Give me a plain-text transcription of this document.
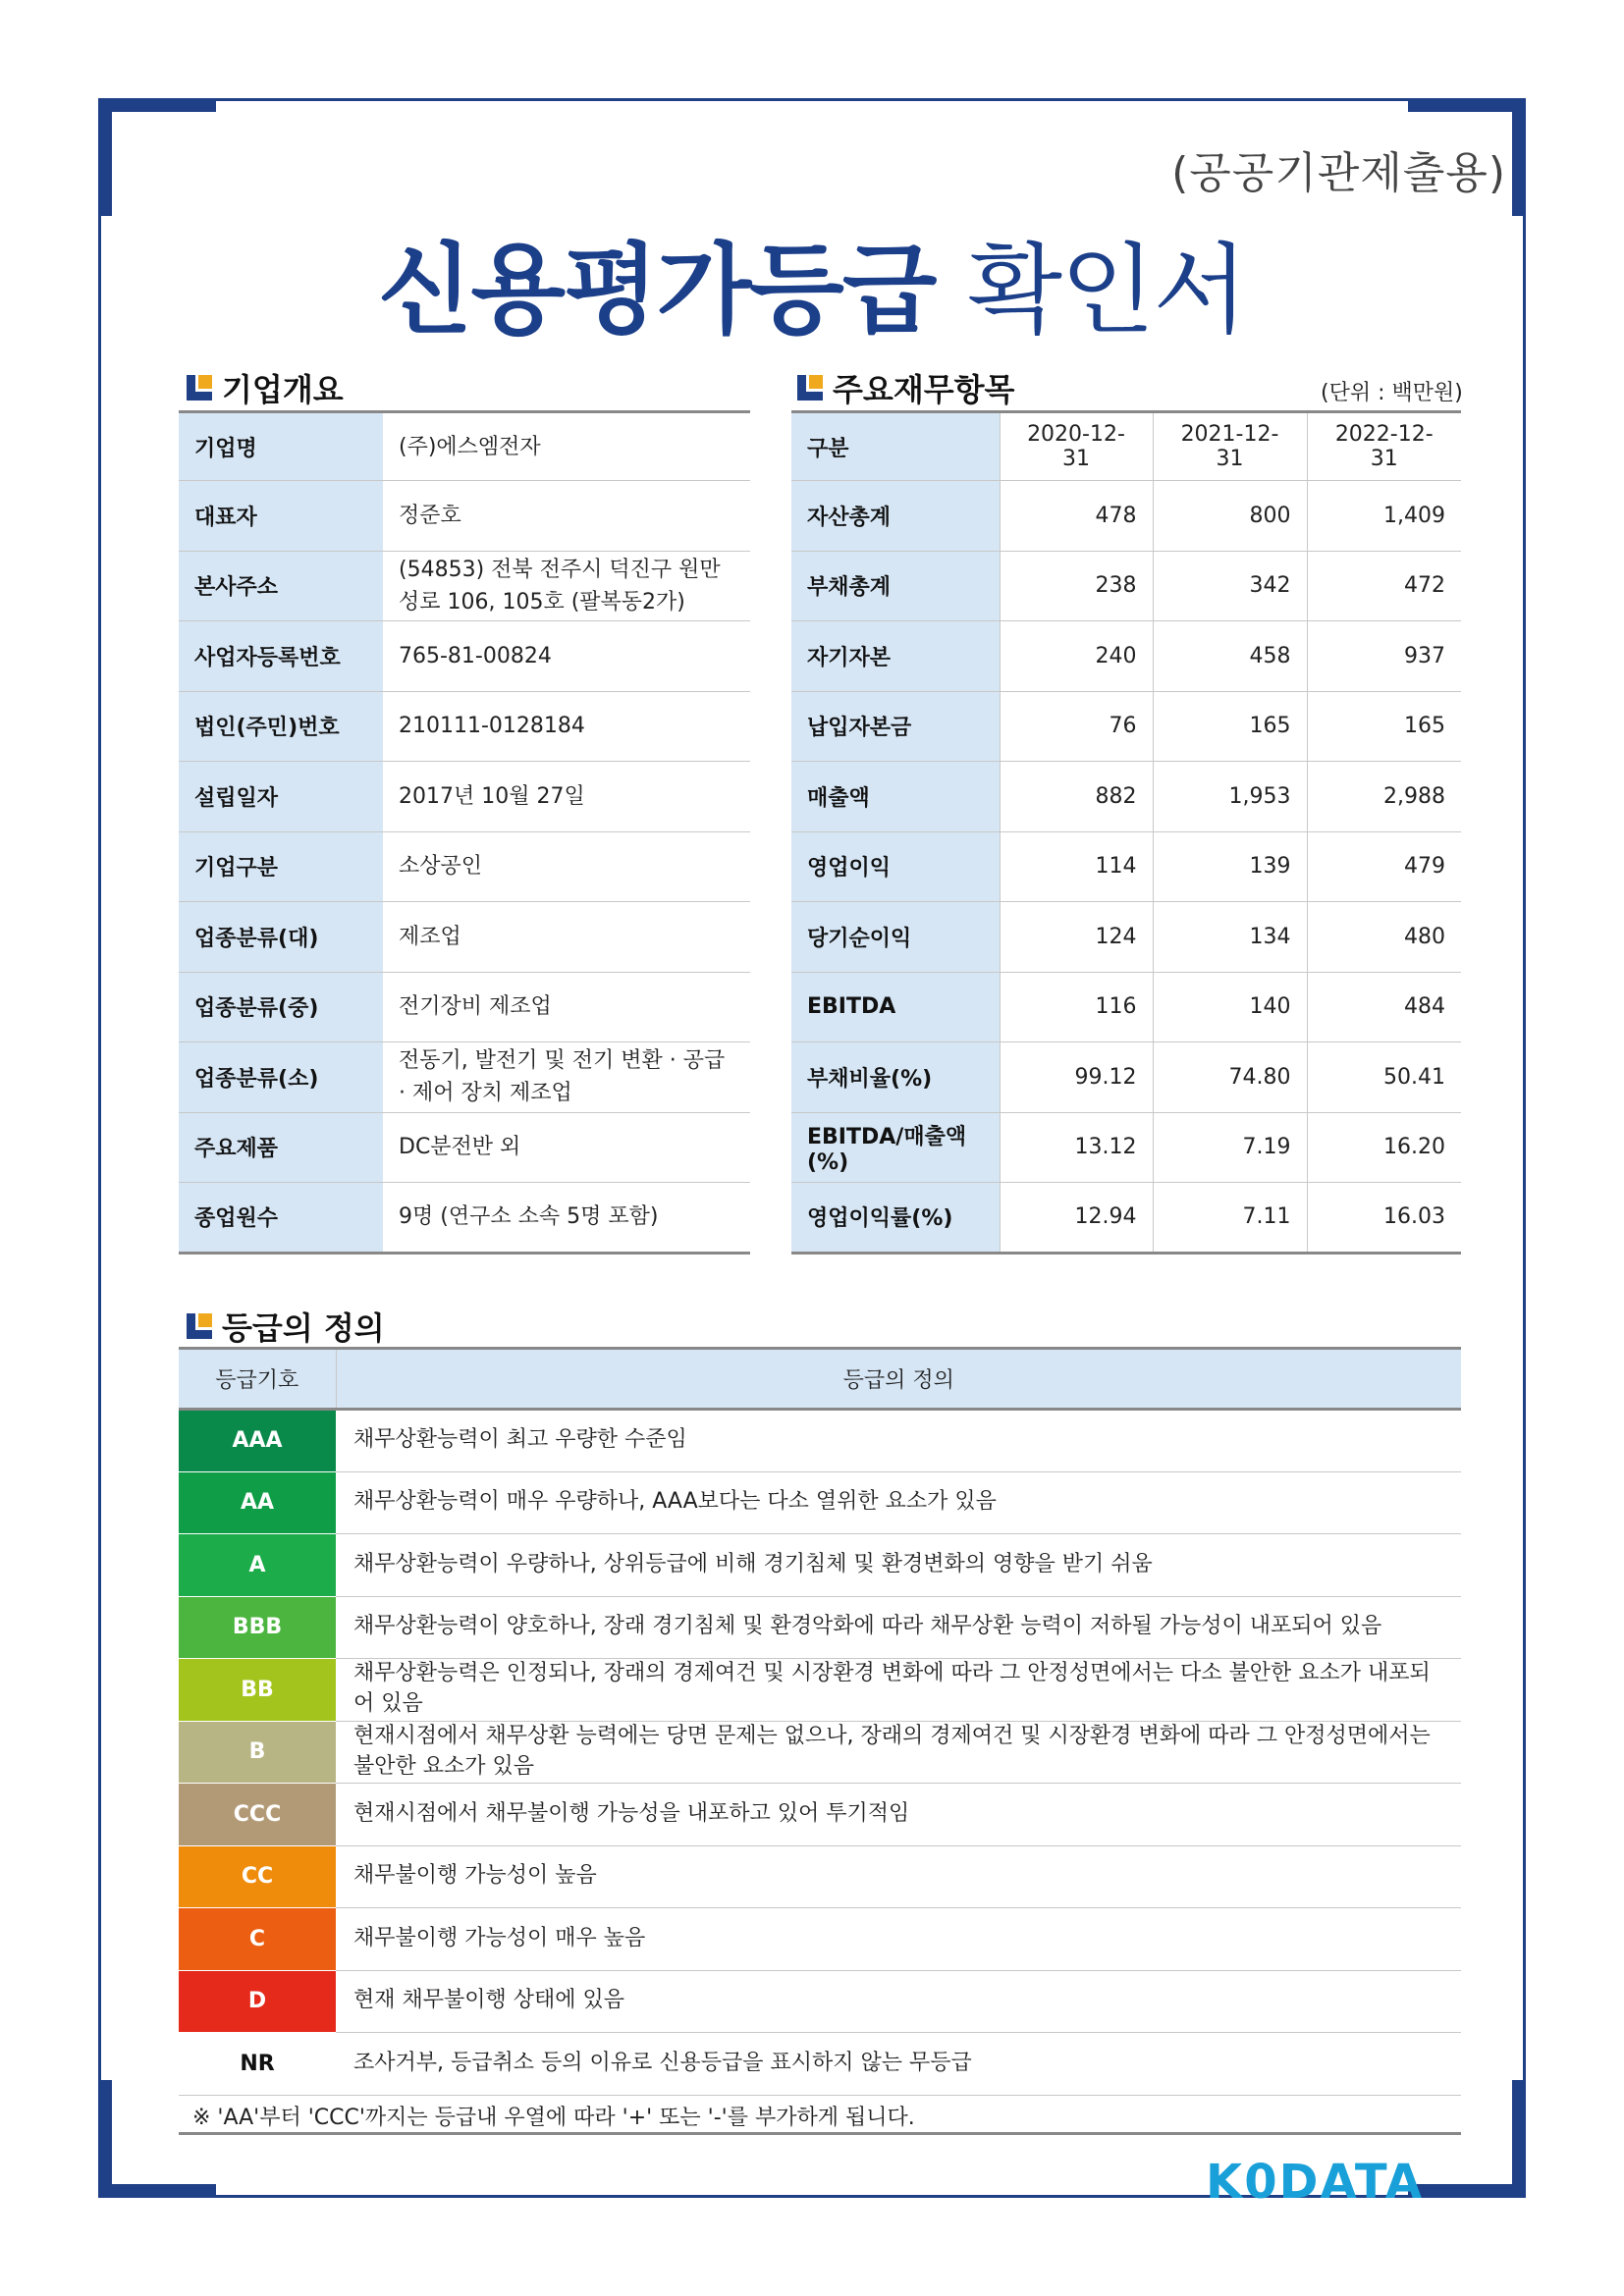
(공공기관제출용)
신용평가등급 확인서
기업개요
기업명	(주)에스엠전자
대표자	정준호
본사주소	(54853) 전북 전주시 덕진구 원만성로 106, 105호 (팔복동2가)
사업자등록번호	765-81-00824
법인(주민)번호	210111-0128184
설립일자	2017년 10월 27일
기업구분	소상공인
업종분류(대)	제조업
업종분류(중)	전기장비 제조업
업종분류(소)	전동기, 발전기 및 전기 변환 · 공급 · 제어 장치 제조업
주요제품	DC분전반 외
종업원수	9명 (연구소 소속 5명 포함)
주요재무항목	(단위 : 백만원)
구분	2020-12-31	2021-12-31	2022-12-31
자산총계	478	800	1,409
부채총계	238	342	472
자기자본	240	458	937
납입자본금	76	165	165
매출액	882	1,953	2,988
영업이익	114	139	479
당기순이익	124	134	480
EBITDA	116	140	484
부채비율(%)	99.12	74.80	50.41
EBITDA/매출액(%)	13.12	7.19	16.20
영업이익률(%)	12.94	7.11	16.03
등급의 정의
등급기호	등급의 정의
AAA	채무상환능력이 최고 우량한 수준임
AA	채무상환능력이 매우 우량하나, AAA보다는 다소 열위한 요소가 있음
A	채무상환능력이 우량하나, 상위등급에 비해 경기침체 및 환경변화의 영향을 받기 쉬움
BBB	채무상환능력이 양호하나, 장래 경기침체 및 환경악화에 따라 채무상환 능력이 저하될 가능성이 내포되어 있음
BB	채무상환능력은 인정되나, 장래의 경제여건 및 시장환경 변화에 따라 그 안정성면에서는 다소 불안한 요소가 내포되어 있음
B	현재시점에서 채무상환 능력에는 당면 문제는 없으나, 장래의 경제여건 및 시장환경 변화에 따라 그 안정성면에서는 불안한 요소가 있음
CCC	현재시점에서 채무불이행 가능성을 내포하고 있어 투기적임
CC	채무불이행 가능성이 높음
C	채무불이행 가능성이 매우 높음
D	현재 채무불이행 상태에 있음
NR	조사거부, 등급취소 등의 이유로 신용등급을 표시하지 않는 무등급
※ 'AA'부터 'CCC'까지는 등급내 우열에 따라 '+' 또는 '-'를 부가하게 됩니다.
K0DATA
